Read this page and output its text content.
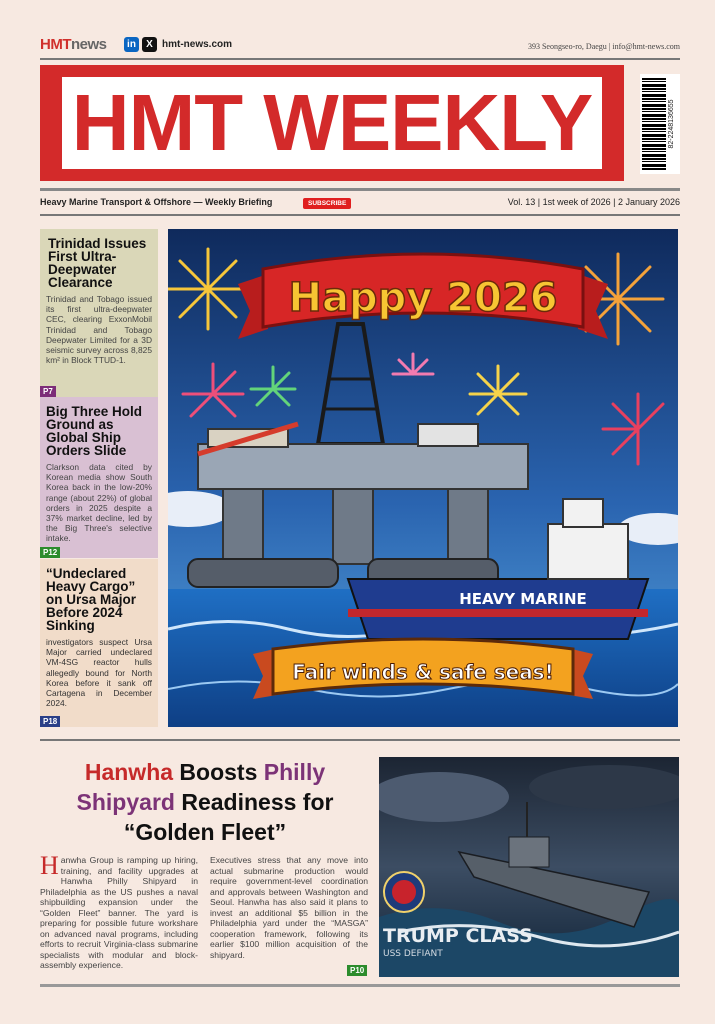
HMTnews	in	X hmt-news.com	393 Seongseo-ro, Daegu | info@hmt-news.com
HMT WEEKLY	82-2248136655
Heavy Marine Transport & Offshore — Weekly Briefing	SUBSCRIBE	Vol. 13 | 1st week of 2026 | 2 January 2026
Trinidad Issues First Ultra-Deepwater Clearance

Trinidad and Tobago issued its first ultra-deepwater CEC, clearing ExxonMobil Trinidad and Tobago Deepwater Limited for a 3D seismic survey across 8,825 km² in Block TTUD-1.

P7
Big Three Hold Ground as Global Ship Orders Slide

Clarkson data cited by Korean media show South Korea back in the low-20% range (about 22%) of global orders in 2025 despite a 37% market decline, led by the Big Three's selective intake.

P12
“Undeclared Heavy Cargo” on Ursa Major Before 2024 Sinking

investigators suspect Ursa Major carried undeclared VM-4SG reactor hulls allegedly bound for North Korea before it sank off Cartagena in December 2024.

P18
Happy 2026
HEAVY MARINE
Fair winds & safe seas!
Hanwha Boosts Philly
Shipyard Readiness for “Golden Fleet”
Hanwha Group is ramping up hiring, training, and facility upgrades at Hanwha Philly Shipyard in Philadelphia as the US pushes a naval shipbuilding expansion under the “Golden Fleet” banner. The yard is preparing for possible future workshare on advanced naval programs, including efforts to recruit Virginia-class submarine specialists with modular and block-assembly experience.
Executives stress that any move into actual submarine production would require government-level coordination and approvals between Washington and Seoul. Hanwha has also said it plans to invest an additional $5 billion in the Philadelphia yard under the “MASGA” cooperation framework, following its earlier $100 million acquisition of the shipyard.
P10
TRUMP CLASS
USS DEFIANT
